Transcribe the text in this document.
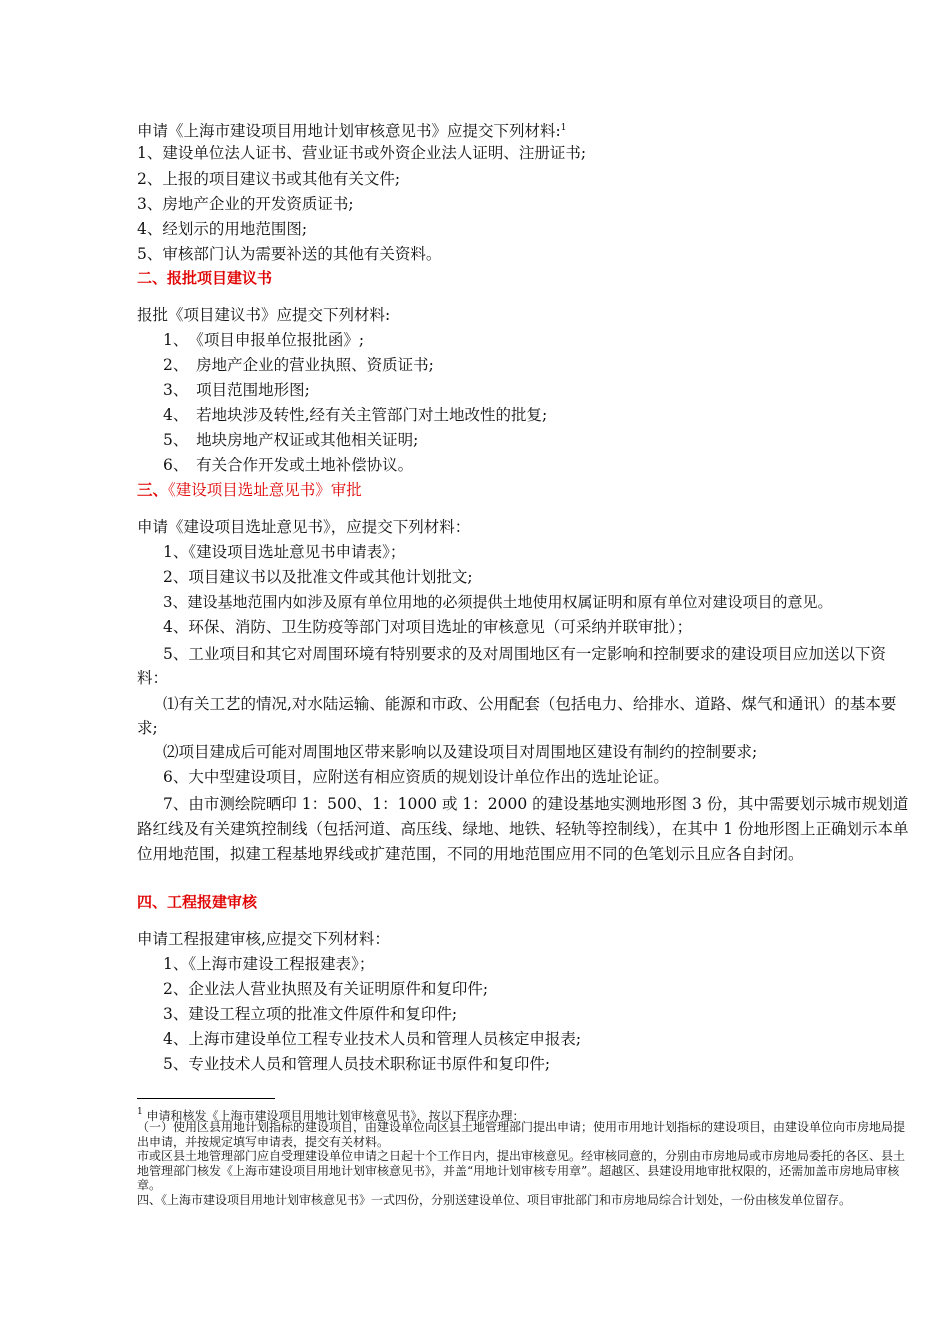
申请《上海市建设项目用地计划审核意见书》应提交下列材料:$^1$
1、建设单位法人证书、营业证书或外资企业法人证明、注册证书;
2、上报的项目建议书或其他有关文件;
3、房地产企业的开发资质证书;
4、经划示的用地范围图;
5、审核部门认为需要补送的其他有关资料。
二、报批项目建议书
报批《项目建议书》应提交下列材料:
1、　《项目申报单位报批函》;
2、　房地产企业的营业执照、资质证书;
3、　项目范围地形图;
4、　若地块涉及转性,经有关主管部门对土地改性的批复;
5、　地块房地产权证或其他相关证明;
6、　有关合作开发或土地补偿协议。
三、《建设项目选址意见书》审批
申请《建设项目选址意见书》，应提交下列材料：
1、《建设项目选址意见书申请表》；
2、项目建议书以及批准文件或其他计划批文;
3、建设基地范围内如涉及原有单位用地的必须提供土地使用权属证明和原有单位对建设项目的意见。
4、环保、消防、卫生防疫等部门对项目选址的审核意见（可采纳并联审批）；
5、工业项目和其它对周围环境有特别要求的及对周围地区有一定影响和控制要求的建设项目应加送以下资料：
⑴有关工艺的情况,对水陆运输、能源和市政、公用配套（包括电力、给排水、道路、煤气和通讯）的基本要求;
⑵项目建成后可能对周围地区带来影响以及建设项目对周围地区建设有制约的控制要求;
6、大中型建设项目，应附送有相应资质的规划设计单位作出的选址论证。
7、由市测绘院晒印 1：500、1：1000 或 1：2000 的建设基地实测地形图 3 份，其中需要划示城市规划道路红线及有关建筑控制线（包括河道、高压线、绿地、地铁、轻轨等控制线），在其中 1 份地形图上正确划示本单位用地范围，拟建工程基地界线或扩建范围，不同的用地范围应用不同的色笔划示且应各自封闭。
四、工程报建审核
申请工程报建审核,应提交下列材料：
1、《上海市建设工程报建表》；
2、企业法人营业执照及有关证明原件和复印件;
3、建设工程立项的批准文件原件和复印件;
4、上海市建设单位工程专业技术人员和管理人员核定申报表;
5、专业技术人员和管理人员技术职称证书原件和复印件;
$^1$ 申请和核发《上海市建设项目用地计划审核意见书》，按以下程序办理：
（一）使用区县用地计划指标的建设项目，由建设单位向区县土地管理部门提出申请；使用市用地计划指标的建设项目，由建设单位向市房地局提出申请，并按规定填写申请表，提交有关材料。
市或区县土地管理部门应自受理建设单位申请之日起十个工作日内，提出审核意见。经审核同意的，分别由市房地局或市房地局委托的各区、县土地管理部门核发《上海市建设项目用地计划审核意见书》，并盖“用地计划审核专用章”。超越区、县建设用地审批权限的，还需加盖市房地局审核章。
四、《上海市建设项目用地计划审核意见书》一式四份，分别送建设单位、项目审批部门和市房地局综合计划处，一份由核发单位留存。
